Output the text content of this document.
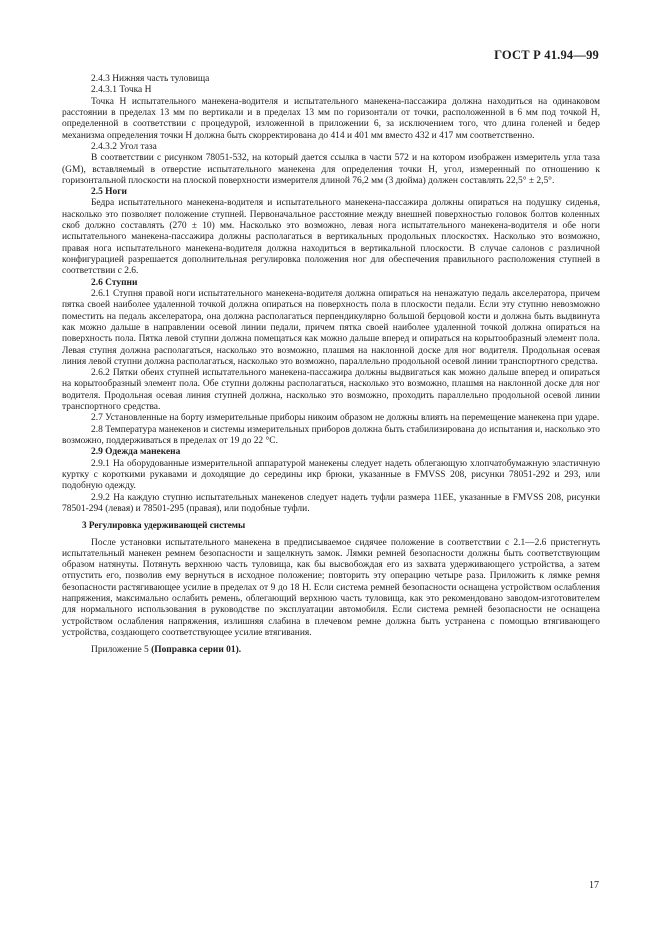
ГОСТ Р 41.94—99

2.4.3 Нижняя часть туловища

2.4.3.1 Точка H

Точка H испытательного манекена-водителя и испытательного манекена-пассажира должна находиться на одинаковом расстоянии в пределах 13 мм по вертикали и в пределах 13 мм по горизонтали от точки, расположенной в 6 мм под точкой H, определенной в соответствии с процедурой, изложенной в приложении 6, за исключением того, что длина голеней и бедер механизма определения точки H должна быть скорректирована до 414 и 401 мм вместо 432 и 417 мм соответственно.

2.4.3.2 Угол таза

В соответствии с рисунком 78051-532, на который дается ссылка в части 572 и на котором изображен измеритель угла таза (GM), вставляемый в отверстие испытательного манекена для определения точки H, угол, измеренный по отношению к горизонтальной плоскости на плоской поверхности измерителя длиной 76,2 мм (3 дюйма) должен составлять 22,5° ± 2,5°.

2.5 Ноги

Бедра испытательного манекена-водителя и испытательного манекена-пассажира должны опираться на подушку сиденья, насколько это позволяет положение ступней. Первоначальное расстояние между внешней поверхностью головок болтов коленных скоб должно составлять (270 ± 10) мм. Насколько это возможно, левая нога испытательного манекена-водителя и обе ноги испытательного манекена-пассажира должны располагаться в вертикальных продольных плоскостях. Насколько это возможно, правая нога испытательного манекена-водителя должна находиться в вертикальной плоскости. В случае салонов с различной конфигурацией разрешается дополнительная регулировка положения ног для обеспечения правильного расположения ступней в соответствии с 2.6.

2.6 Ступни

2.6.1 Ступня правой ноги испытательного манекена-водителя должна опираться на ненажатую педаль акселератора, причем пятка своей наиболее удаленной точкой должна опираться на поверхность пола в плоскости педали. Если эту ступню невозможно поместить на педаль акселератора, она должна располагаться перпендикулярно большой берцовой кости и должна быть выдвинута как можно дальше в направлении осевой линии педали, причем пятка своей наиболее удаленной точкой должна опираться на поверхность пола. Пятка левой ступни должна помещаться как можно дальше вперед и опираться на корытообразный элемент пола. Левая ступня должна располагаться, насколько это возможно, плашмя на наклонной доске для ног водителя. Продольная осевая линия левой ступни должна располагаться, насколько это возможно, параллельно продольной осевой линии транспортного средства.

2.6.2 Пятки обеих ступней испытательного манекена-пассажира должны выдвигаться как можно дальше вперед и опираться на корытообразный элемент пола. Обе ступни должны располагаться, насколько это возможно, плашмя на наклонной доске для ног водителя. Продольная осевая линия ступней должна, насколько это возможно, проходить параллельно продольной осевой линии транспортного средства.

2.7 Установленные на борту измерительные приборы никоим образом не должны влиять на перемещение манекена при ударе.

2.8 Температура манекенов и системы измерительных приборов должна быть стабилизирована до испытания и, насколько это возможно, поддерживаться в пределах от 19 до 22 °С.

2.9 Одежда манекена

2.9.1 На оборудованные измерительной аппаратурой манекены следует надеть облегающую хлопчатобумажную эластичную куртку с короткими рукавами и доходящие до середины икр брюки, указанные в FMVSS 208, рисунки 78051-292 и 293, или подобную одежду.

2.9.2 На каждую ступню испытательных манекенов следует надеть туфли размера 11ЕЕ, указанные в FMVSS 208, рисунки 78501-294 (левая) и 78501-295 (правая), или подобные туфли.

3 Регулировка удерживающей системы

После установки испытательного манекена в предписываемое сидячее положение в соответствии с 2.1—2.6 пристегнуть испытательный манекен ремнем безопасности и защелкнуть замок. Лямки ремней безопасности должны быть соответствующим образом натянуты. Потянуть верхнюю часть туловища, как бы высвобождая его из захвата удерживающего устройства, а затем отпустить его, позволив ему вернуться в исходное положение; повторить эту операцию четыре раза. Приложить к лямке ремня безопасности растягивающее усилие в пределах от 9 до 18 Н. Если система ремней безопасности оснащена устройством ослабления напряжения, максимально ослабить ремень, облегающий верхнюю часть туловища, как это рекомендовано заводом-изготовителем для нормального использования в руководстве по эксплуатации автомобиля. Если система ремней безопасности не оснащена устройством ослабления напряжения, излишняя слабина в плечевом ремне должна быть устранена с помощью втягивающего устройства, создающего соответствующее усилие втягивания.

Приложение 5 (Поправка серии 01).

17
